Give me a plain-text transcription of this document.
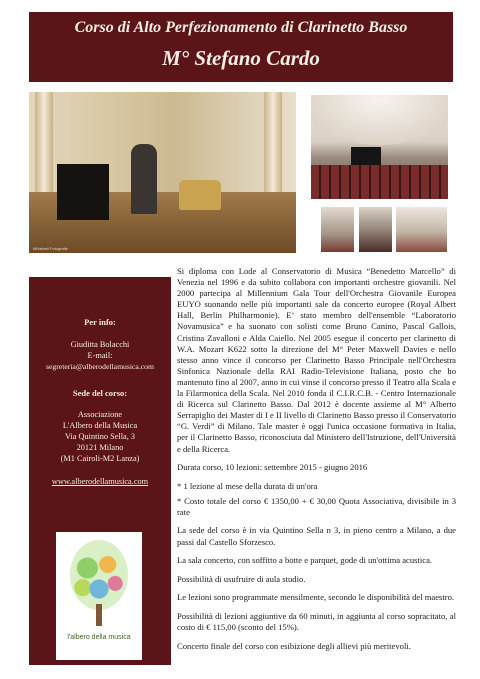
Corso di Alto Perfezionamento di Clarinetto Basso
M° Stefano Cardo
MHatoeli Fotografie
Per info:
Giuditta Bolacchi
E-mail:
segreteria@alberodellamusica.com
Sede del corso:
Associazione
L'Albero della Musica
Via Quintino Sella, 3
20121 Milano
(M1 Cairoli-M2 Lanza)
www.alberodellamusica.com
l'albero della musica

Si diploma con Lode al Conservatorio di Musica “Benedetto Marcello” di Venezia nel 1996 e da subito collabora con importanti orchestre giovanili. Nel 2000 partecipa al Millennium Gala Tour dell'Orchestra Giovanile Europea EUYO suonando nelle più importanti sale da concerto europee (Royal Albert Hall, Berlin Philharmonie). E’ stato membro dell'ensemble “Laboratorio Novamusica” e ha suonato con solisti come Bruno Canino, Pascal Gallois, Cristina Zavalloni e Alda Caiello. Nel 2005 esegue il concerto per clarinetto di W.A. Mozart K622 sotto la direzione del M° Peter Maxwell Davies e nello stesso anno vince il concorso per Clarinetto Basso Principale nell'Orchestra Sinfonica Nazionale della RAI Radio-Televisione Italiana, posto che ho mantenuto fino al 2007, anno in cui vinse il concorso presso il Teatro alla Scala e la Filarmonica della Scala. Nel 2010 fonda il C.I.R.C.B. - Centro Internazionale di Ricerca sul Clarinetto Basso. Dal 2012 è docente assieme al M° Alberto Serrapiglio dei Master di I e II livello di Clarinetto Basso presso il Conservatorio “G. Verdi” di Milano. Tale master è oggi l'unica occasione formativa in Italia, per il Clarinetto Basso, riconosciuta dal Ministero dell'Istruzione, dell'Università e della Ricerca.

Durata corso, 10 lezioni: settembre 2015 - giugno 2016

* 1 lezione al mese della durata di un'ora

* Costo totale del corso € 1350,00 + € 30,00 Quota Associativa, divisibile in 3 rate

La sede del corso è in via Quintino Sella n 3, in pieno centro a Milano, a due passi dal Castello Sforzesco.

La sala concerto, con soffitto a botte e parquet, gode di un'ottima acustica.

Possibilità di usufruire di aula studio.

Le lezioni sono programmate mensilmente, secondo le disponibilità del maestro.

Possibilità di lezioni aggiuntive da 60 minuti, in aggiunta al corso sopracitato, al costo di € 115,00 (sconto del 15%).

Concerto finale del corso con esibizione degli allievi più meritevoli.
